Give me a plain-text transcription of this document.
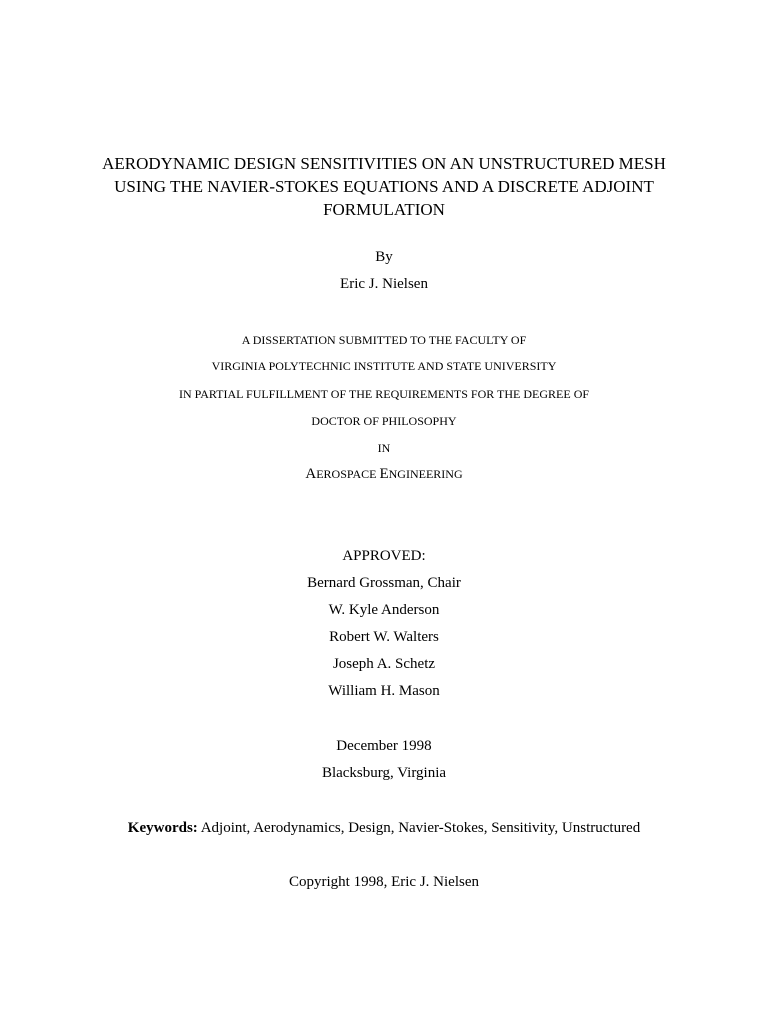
AERODYNAMIC DESIGN SENSITIVITIES ON AN UNSTRUCTURED MESH
USING THE NAVIER-STOKES EQUATIONS AND A DISCRETE ADJOINT
FORMULATION
By
Eric J. Nielsen
A DISSERTATION SUBMITTED TO THE FACULTY OF
VIRGINIA POLYTECHNIC INSTITUTE AND STATE UNIVERSITY
IN PARTIAL FULFILLMENT OF THE REQUIREMENTS FOR THE DEGREE OF
DOCTOR OF PHILOSOPHY
IN
AEROSPACE ENGINEERING
APPROVED:
Bernard Grossman, Chair
W. Kyle Anderson
Robert W. Walters
Joseph A. Schetz
William H. Mason
December 1998
Blacksburg, Virginia
Keywords: Adjoint, Aerodynamics, Design, Navier-Stokes, Sensitivity, Unstructured
Copyright 1998, Eric J. Nielsen
